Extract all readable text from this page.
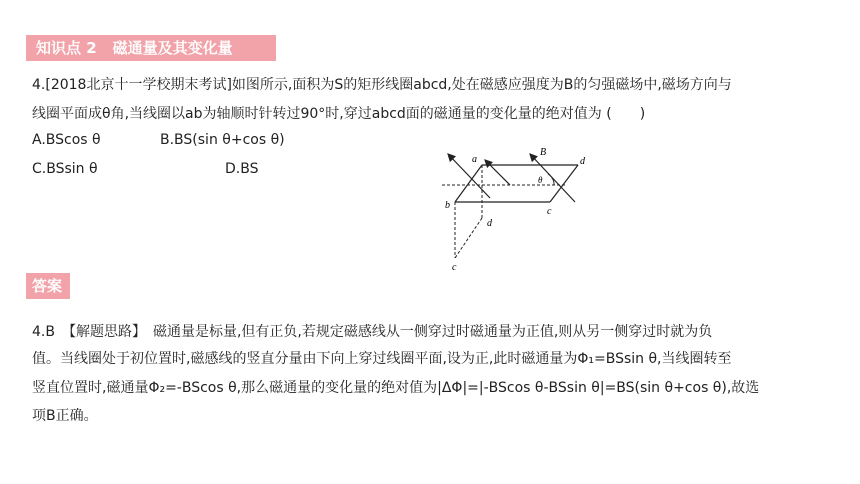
知识点 2 磁通量及其变化量
4.[2018北京十一学校期末考试]如图所示,面积为S的矩形线圈abcd,处在磁感应强度为B的匀强磁场中,磁场方向与
线圈平面成θ角,当线圈以ab为轴顺时针转过90°时,穿过abcd面的磁通量的变化量的绝对值为 (　　)
A.BScos θ	B.BS(sin θ+cos θ)
C.BSsin θ	D.BS
a
b
c
d
B
θ
d
c
答案
4.B　【解题思路】　磁通量是标量,但有正负,若规定磁感线从一侧穿过时磁通量为正值,则从另一侧穿过时就为负
值。当线圈处于初位置时,磁感线的竖直分量由下向上穿过线圈平面,设为正,此时磁通量为Φ₁=BSsin θ,当线圈转至
竖直位置时,磁通量Φ₂=-BScos θ,那么磁通量的变化量的绝对值为|ΔΦ|=|-BScos θ-BSsin θ|=BS(sin θ+cos θ),故选
项B正确。
